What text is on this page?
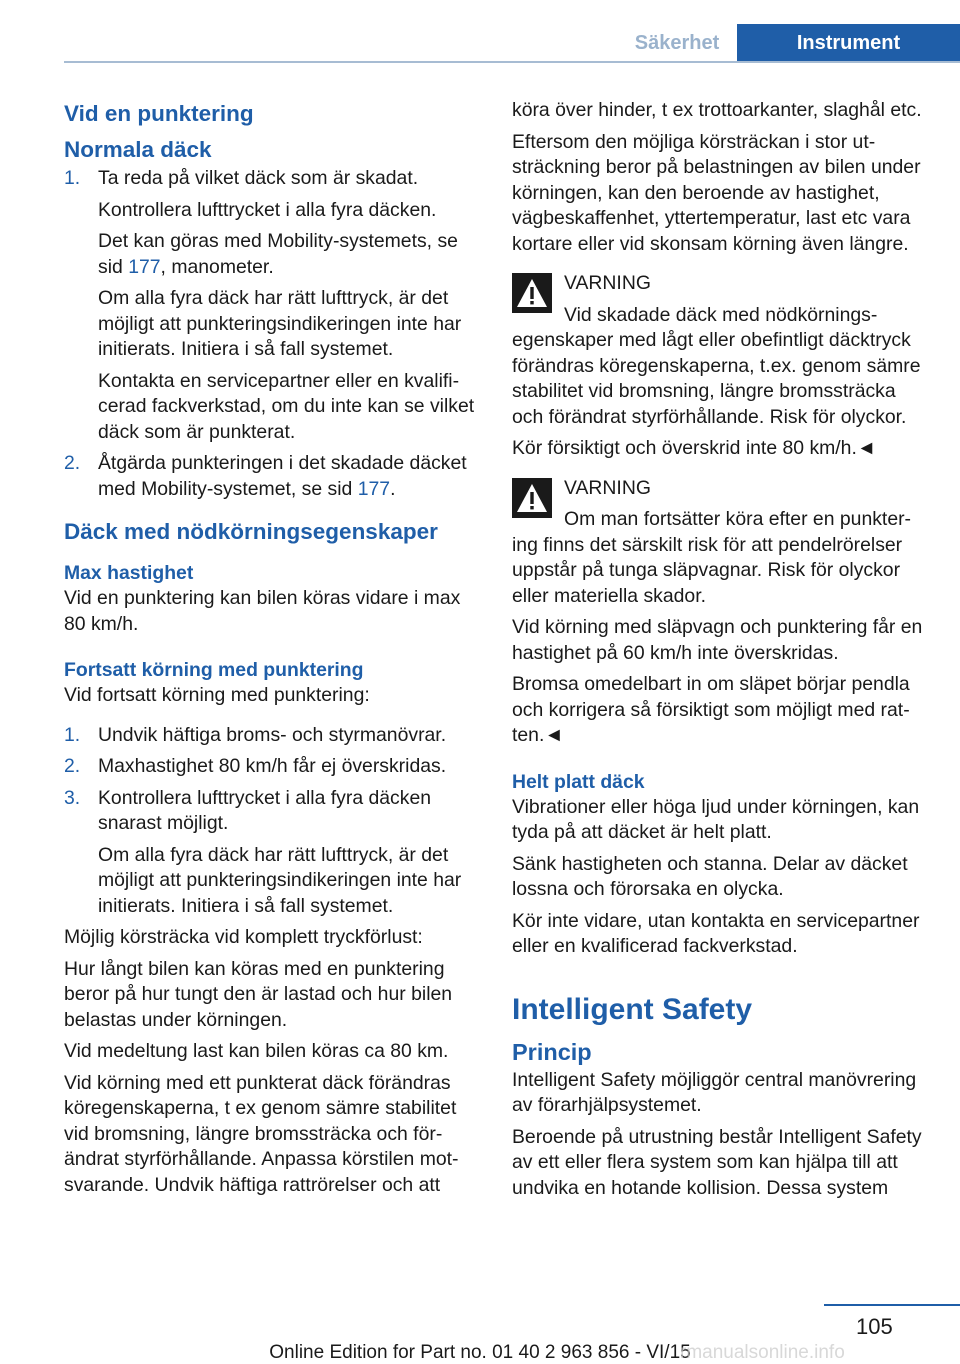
Säkerhet	Instrument
Vid en punktering
Normala däck
1. Ta reda på vilket däck som är skadat.

Kontrollera lufttrycket i alla fyra däcken.

Det kan göras med Mobility-systemets, se sid 177, manometer.

Om alla fyra däck har rätt lufttryck, är det möjligt att punkteringsindikeringen inte har initierats. Initiera i så fall systemet.

Kontakta en servicepartner eller en kvalificerad fackverkstad, om du inte kan se vilket däck som är punkterat.

2. Åtgärda punkteringen i det skadade däcket med Mobility-systemet, se sid 177.

Däck med nödkörningsegenskaper
Max hastighet

Vid en punktering kan bilen köras vidare i max 80 km/h.

Fortsatt körning med punktering

Vid fortsatt körning med punktering:

1. Undvik häftiga broms- och styrmanövrar.

2. Maxhastighet 80 km/h får ej överskridas.

3. Kontrollera lufttrycket i alla fyra däcken snarast möjligt.

Om alla fyra däck har rätt lufttryck, är det möjligt att punkteringsindikeringen inte har initierats. Initiera i så fall systemet.

Möjlig körsträcka vid komplett tryckförlust:

Hur långt bilen kan köras med en punktering beror på hur tungt den är lastad och hur bilen belastas under körningen.

Vid medeltung last kan bilen köras ca 80 km.

Vid körning med ett punkterat däck förändras köregenskaperna, t ex genom sämre stabilitet vid bromsning, längre bromssträcka och förändrat styrförhållande. Anpassa körstilen motsvarande. Undvik häftiga rattrörelser och att

köra över hinder, t ex trottoarkanter, slaghål etc.

Eftersom den möjliga körsträckan i stor utsträckning beror på belastningen av bilen under körningen, kan den beroende av hastighet, vägbeskaffenhet, yttertemperatur, last etc vara kortare eller vid skonsam körning även längre.

VARNING

Vid skadade däck med nödkörnings-

egenskaper med lågt eller obefintligt däcktryck förändras köregenskaperna, t.ex. genom sämre stabilitet vid bromsning, längre bromssträcka och förändrat styrförhållande. Risk för olyckor.

Kör försiktigt och överskrid inte 80 km/h.◄

VARNING

Om man fortsätter köra efter en punkter-

ing finns det särskilt risk för att pendelrörelser uppstår på tunga släpvagnar. Risk för olyckor eller materiella skador.

Vid körning med släpvagn och punktering får en hastighet på 60 km/h inte överskridas.

Bromsa omedelbart in om släpet börjar pendla och korrigera så försiktigt som möjligt med ratten.◄

Helt platt däck

Vibrationer eller höga ljud under körningen, kan tyda på att däcket är helt platt.

Sänk hastigheten och stanna. Delar av däcket lossna och förorsaka en olycka.

Kör inte vidare, utan kontakta en servicepartner eller en kvalificerad fackverkstad.

Intelligent Safety
Princip

Intelligent Safety möjliggör central manövrering av förarhjälpsystemet.

Beroende på utrustning består Intelligent Safety av ett eller flera system som kan hjälpa till att undvika en hotande kollision. Dessa system

105
Online Edition for Part no. 01 40 2 963 856 - VI/15
rmanualsonline.info
